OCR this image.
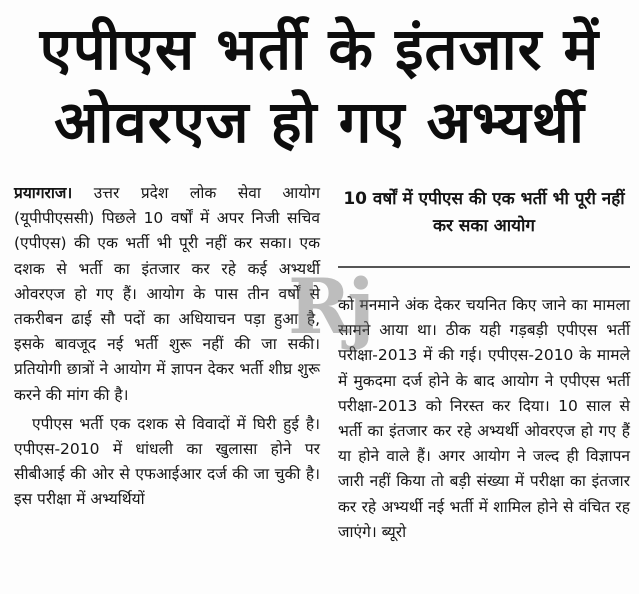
एपीएस भर्ती के इंतजार में
ओवरएज हो गए अभ्यर्थी

प्रयागराज। उत्तर प्रदेश लोक सेवा आयोग (यूपीपीएससी) पिछले 10 वर्षों में अपर निजी सचिव (एपीएस) की एक भर्ती भी पूरी नहीं कर सका। एक दशक से भर्ती का इंतजार कर रहे कई अभ्यर्थी ओवरएज हो गए हैं। आयोग के पास तीन वर्षों से तकरीबन ढाई सौ पदों का अधियाचन पड़ा हुआ है, इसके बावजूद नई भर्ती शुरू नहीं की जा सकी। प्रतियोगी छात्रों ने आयोग में ज्ञापन देकर भर्ती शीघ्र शुरू करने की मांग की है।

एपीएस भर्ती एक दशक से विवादों में घिरी हुई है। एपीएस-2010 में धांधली का खुलासा होने पर सीबीआई की ओर से एफआईआर दर्ज की जा चुकी है। इस परीक्षा में अभ्यर्थियों

10 वर्षों में एपीएस की एक भर्ती भी पूरी नहीं कर सका आयोग

को मनमाने अंक देकर चयनित किए जाने का मामला सामने आया था। ठीक यही गड़बड़ी एपीएस भर्ती परीक्षा-2013 में की गई। एपीएस-2010 के मामले में मुकदमा दर्ज होने के बाद आयोग ने एपीएस भर्ती परीक्षा-2013 को निरस्त कर दिया। 10 साल से भर्ती का इंतजार कर रहे अभ्यर्थी ओवरएज हो गए हैं या होने वाले हैं। अगर आयोग ने जल्द ही विज्ञापन जारी नहीं किया तो बड़ी संख्या में परीक्षा का इंतजार कर रहे अभ्यर्थी नई भर्ती में शामिल होने से वंचित रह जाएंगे। ब्यूरो

Rj
